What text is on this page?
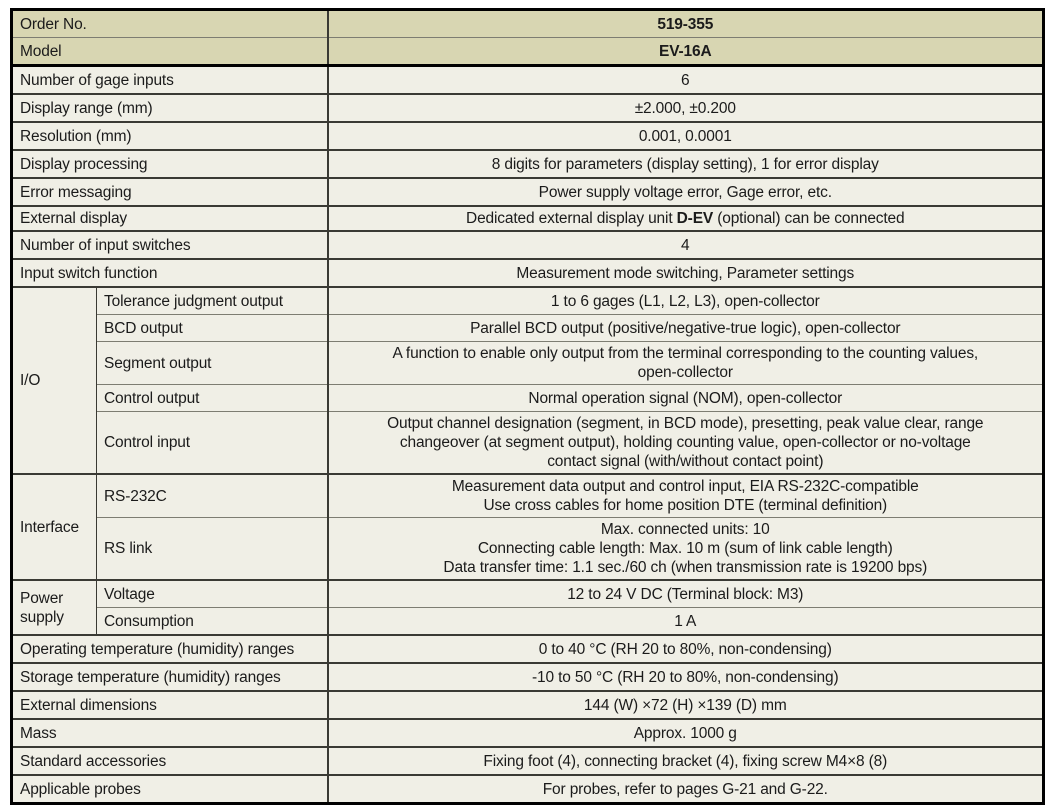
Order No.		519-355
Model		EV-16A
Number of gage inputs		6
Display range (mm)		±2.000, ±0.200
Resolution (mm)		0.001, 0.0001
Display processing		8 digits for parameters (display setting), 1 for error display
Error messaging		Power supply voltage error, Gage error, etc.
External display		Dedicated external display unit D-EV (optional) can be connected
Number of input switches		4
Input switch function		Measurement mode switching, Parameter settings
I/O	Tolerance judgment output	1 to 6 gages (L1, L2, L3), open-collector
	BCD output	Parallel BCD output (positive/negative-true logic), open-collector
	Segment output	A function to enable only output from the terminal corresponding to the counting values,
open-collector
	Control output	Normal operation signal (NOM), open-collector
	Control input	Output channel designation (segment, in BCD mode), presetting, peak value clear, range
changeover (at segment output), holding counting value, open-collector or no-voltage
contact signal (with/without contact point)
Interface	RS-232C	Measurement data output and control input, EIA RS-232C-compatible
Use cross cables for home position DTE (terminal definition)
	RS link	Max. connected units: 10
Connecting cable length: Max. 10 m (sum of link cable length)
Data transfer time: 1.1 sec./60 ch (when transmission rate is 19200 bps)
Power supply	Voltage	12 to 24 V DC (Terminal block: M3)
	Consumption	1 A
Operating temperature (humidity) ranges		0 to 40 °C (RH 20 to 80%, non-condensing)
Storage temperature (humidity) ranges		-10 to 50 °C (RH 20 to 80%, non-condensing)
External dimensions		144 (W) ×72 (H) ×139 (D) mm
Mass		Approx. 1000 g
Standard accessories		Fixing foot (4), connecting bracket (4), fixing screw M4×8 (8)
Applicable probes		For probes, refer to pages G-21 and G-22.
